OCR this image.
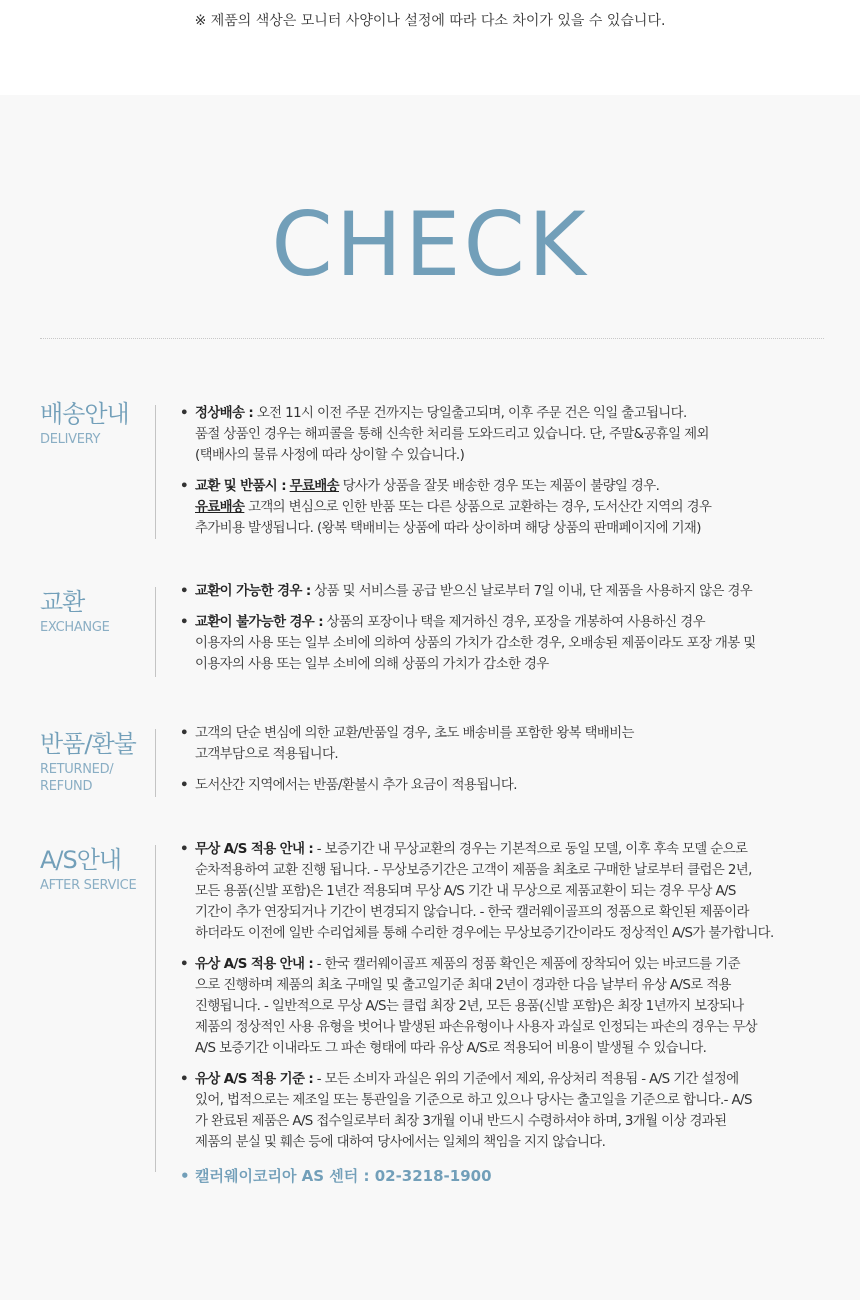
※ 제품의 색상은 모니터 사양이나 설정에 따라 다소 차이가 있을 수 있습니다.
CHECK
배송안내
DELIVERY
• 정상배송 : 오전 11시 이전 주문 건까지는 당일출고되며, 이후 주문 건은 익일 출고됩니다.
품절 상품인 경우는 해피콜을 통해 신속한 처리를 도와드리고 있습니다. 단, 주말&공휴일 제외
(택배사의 물류 사정에 따라 상이할 수 있습니다.)
• 교환 및 반품시 : 무료배송 당사가 상품을 잘못 배송한 경우 또는 제품이 불량일 경우.
유료배송 고객의 변심으로 인한 반품 또는 다른 상품으로 교환하는 경우, 도서산간 지역의 경우
추가비용 발생됩니다. (왕복 택배비는 상품에 따라 상이하며 해당 상품의 판매페이지에 기재)
교환
EXCHANGE
• 교환이 가능한 경우 : 상품 및 서비스를 공급 받으신 날로부터 7일 이내, 단 제품을 사용하지 않은 경우
• 교환이 불가능한 경우 : 상품의 포장이나 택을 제거하신 경우, 포장을 개봉하여 사용하신 경우
이용자의 사용 또는 일부 소비에 의하여 상품의 가치가 감소한 경우, 오배송된 제품이라도 포장 개봉 및
이용자의 사용 또는 일부 소비에 의해 상품의 가치가 감소한 경우
반품/환불
RETURNED/
REFUND
• 고객의 단순 변심에 의한 교환/반품일 경우, 초도 배송비를 포함한 왕복 택배비는
고객부담으로 적용됩니다.
• 도서산간 지역에서는 반품/환불시 추가 요금이 적용됩니다.
A/S안내
AFTER SERVICE
• 무상 A/S 적용 안내 : - 보증기간 내 무상교환의 경우는 기본적으로 동일 모델, 이후 후속 모델 순으로
순차적용하여 교환 진행 됩니다. - 무상보증기간은 고객이 제품을 최초로 구매한 날로부터 클럽은 2년,
모든 용품(신발 포함)은 1년간 적용되며 무상 A/S 기간 내 무상으로 제품교환이 되는 경우 무상 A/S
기간이 추가 연장되거나 기간이 변경되지 않습니다. - 한국 캘러웨이골프의 정품으로 확인된 제품이라
하더라도 이전에 일반 수리업체를 통해 수리한 경우에는 무상보증기간이라도 정상적인 A/S가 불가합니다.
• 유상 A/S 적용 안내 : - 한국 캘러웨이골프 제품의 정품 확인은 제품에 장착되어 있는 바코드를 기준
으로 진행하며 제품의 최초 구매일 및 출고일기준 최대 2년이 경과한 다음 날부터 유상 A/S로 적용
진행됩니다. - 일반적으로 무상 A/S는 클럽 최장 2년, 모든 용품(신발 포함)은 최장 1년까지 보장되나
제품의 정상적인 사용 유형을 벗어나 발생된 파손유형이나 사용자 과실로 인정되는 파손의 경우는 무상
A/S 보증기간 이내라도 그 파손 형태에 따라 유상 A/S로 적용되어 비용이 발생될 수 있습니다.
• 유상 A/S 적용 기준 : - 모든 소비자 과실은 위의 기준에서 제외, 유상처리 적용됨 - A/S 기간 설정에
있어, 법적으로는 제조일 또는 통관일을 기준으로 하고 있으나 당사는 출고일을 기준으로 합니다.- A/S
가 완료된 제품은 A/S 접수일로부터 최장 3개월 이내 반드시 수령하셔야 하며, 3개월 이상 경과된
제품의 분실 및 훼손 등에 대하여 당사에서는 일체의 책임을 지지 않습니다.
• 캘러웨이코리아 AS 센터 : 02-3218-1900
